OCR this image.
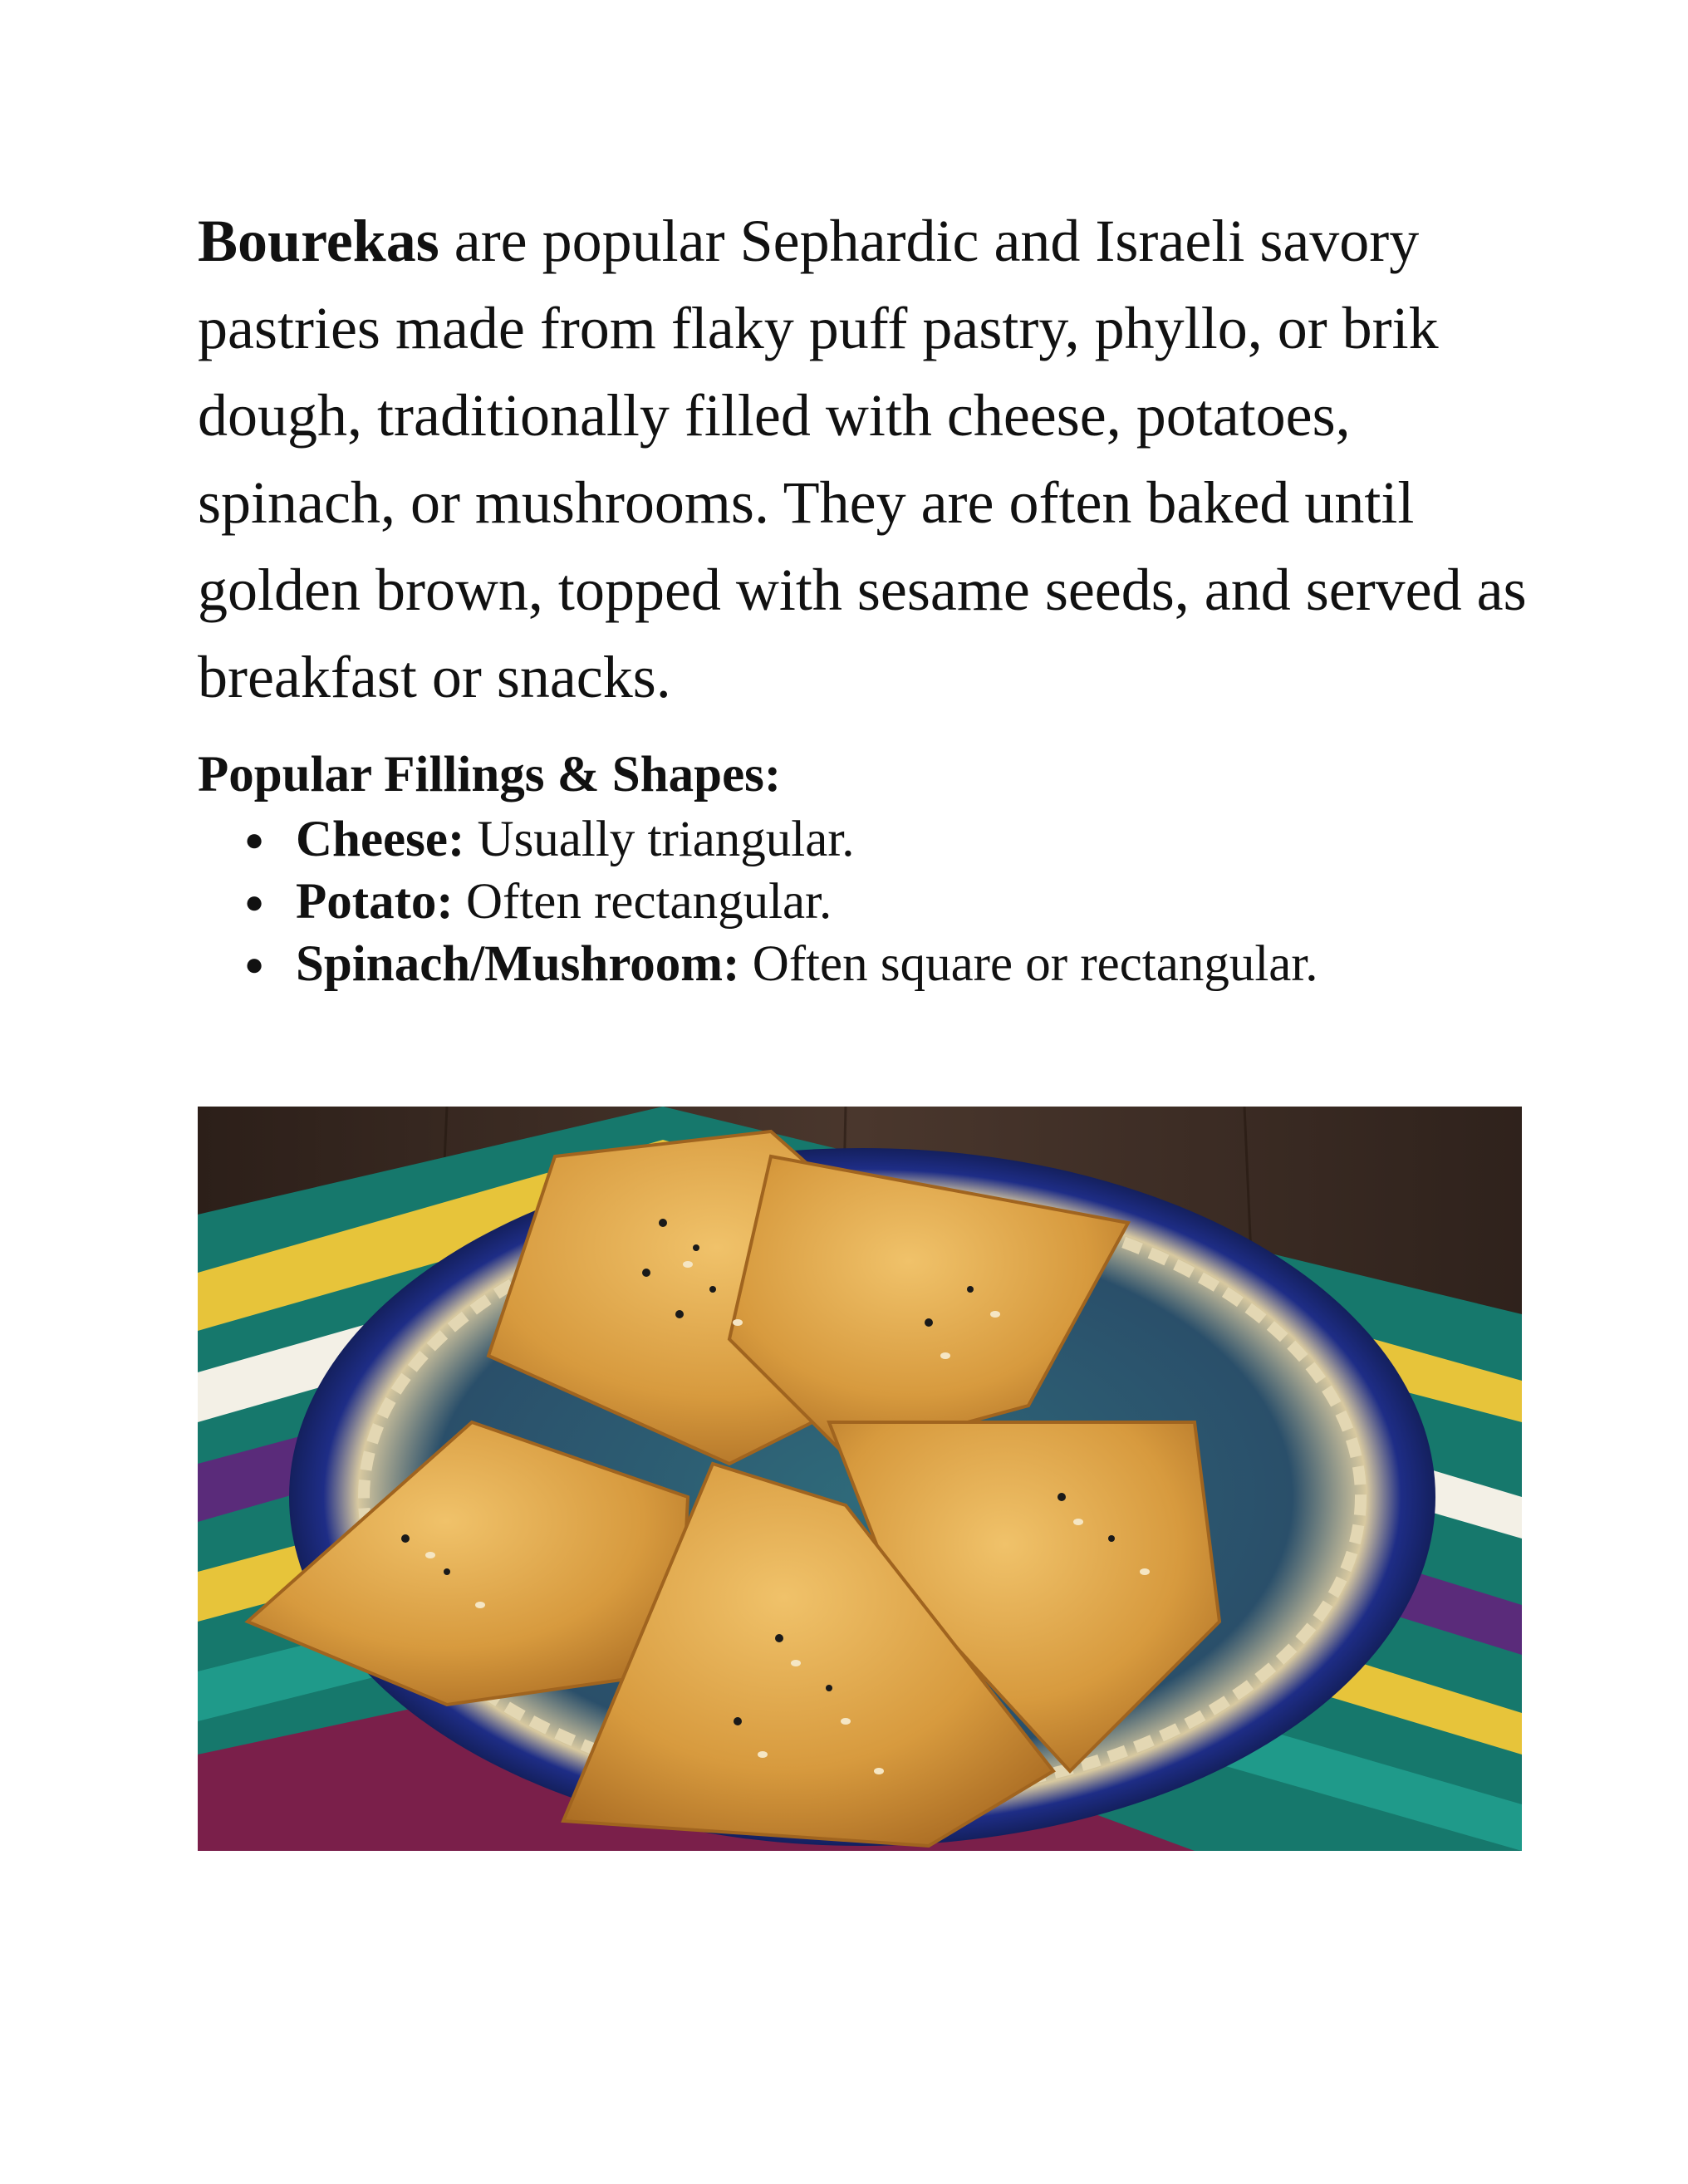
Bourekas are popular Sephardic and Israeli savory pastries made from flaky puff pastry, phyllo, or brik dough, traditionally filled with cheese, potatoes, spinach, or mushrooms. They are often baked until golden brown, topped with sesame seeds, and served as breakfast or snacks.

Popular Fillings & Shapes:

● Cheese: Usually triangular.
● Potato: Often rectangular.
● Spinach/Mushroom: Often square or rectangular.
